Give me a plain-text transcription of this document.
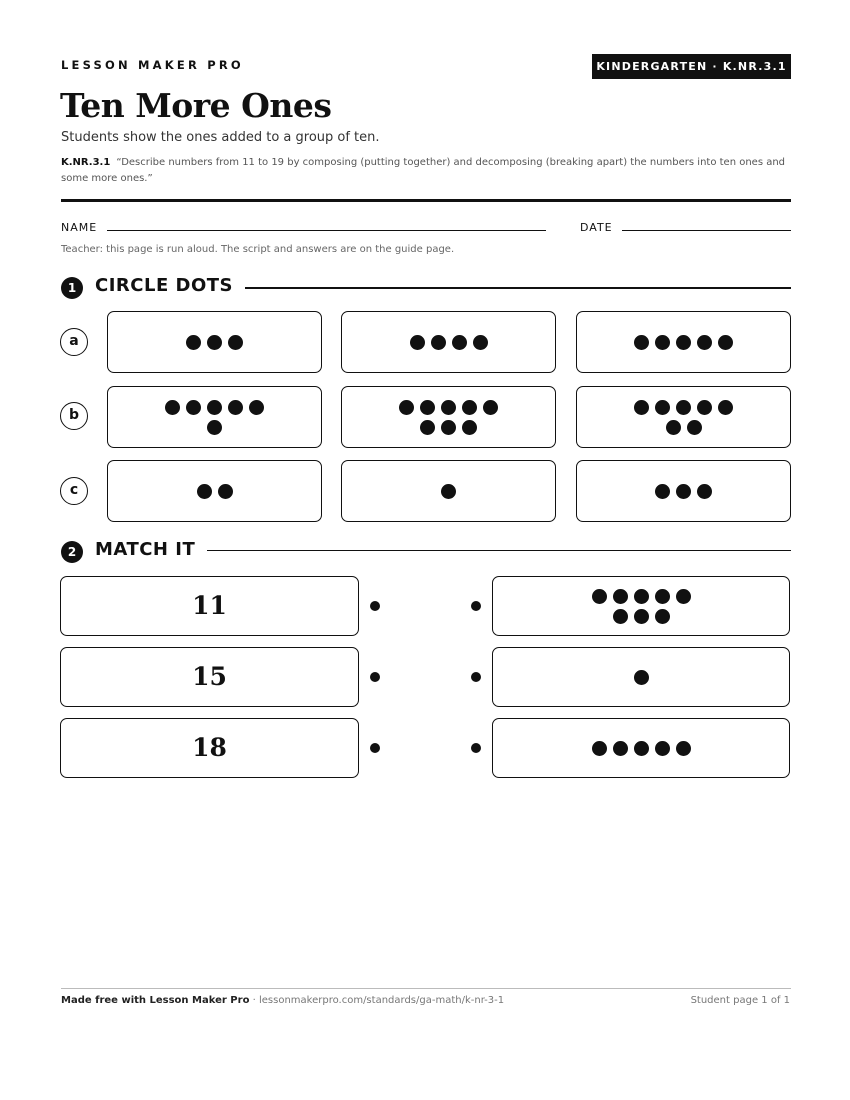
LESSON MAKER PRO	KINDERGARTEN · K.NR.3.1
Ten More Ones
Students show the ones added to a group of ten.
K.NR.3.1 “Describe numbers from 11 to 19 by composing (putting together) and decomposing (breaking apart) the numbers into ten ones and some more ones.”
NAME	DATE
Teacher: this page is run aloud. The script and answers are on the guide page.
1	CIRCLE DOTS
a
b
c
2	MATCH IT
11
15
18
Made free with Lesson Maker Pro · lessonmakerpro.com/standards/ga-math/k-nr-3-1	Student page 1 of 1
